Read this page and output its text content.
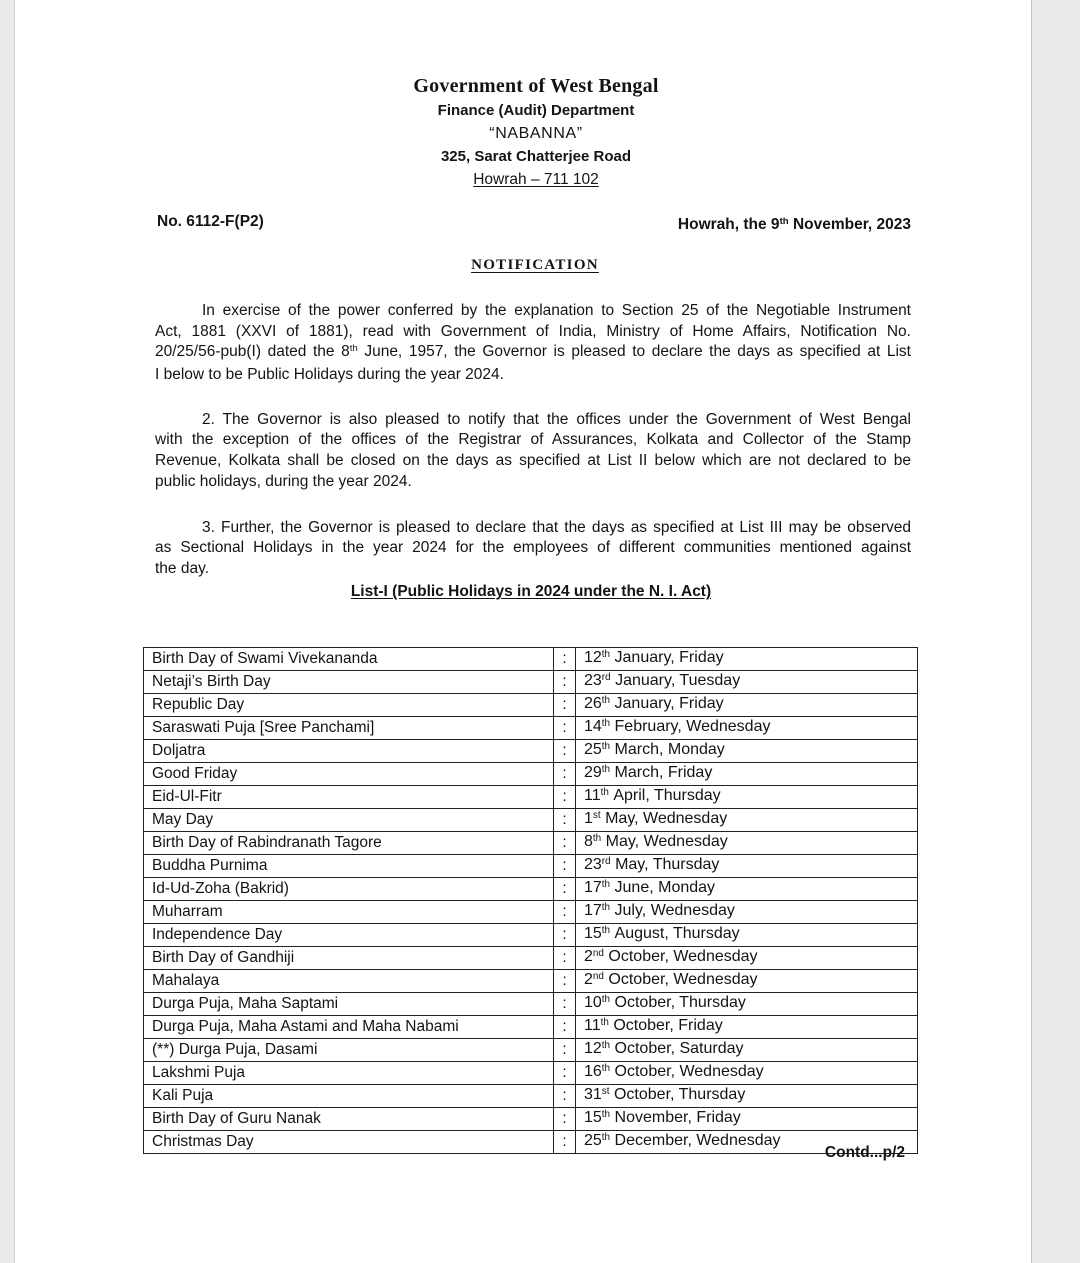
Government of West Bengal
Finance (Audit) Department
“NABANNA”
325, Sarat Chatterjee Road
Howrah – 711 102
No. 6112-F(P2)	Howrah, the 9th November, 2023
NOTIFICATION
In exercise of the power conferred by the explanation to Section 25 of the Negotiable Instrument
Act, 1881 (XXVI of 1881), read with Government of India, Ministry of Home Affairs, Notification No.
20/25/56-pub(I) dated the 8th June, 1957, the Governor is pleased to declare the days as specified at List
I below to be Public Holidays during the year 2024.
2. The Governor is also pleased to notify that the offices under the Government of West Bengal
with the exception of the offices of the Registrar of Assurances, Kolkata and Collector of the Stamp
Revenue, Kolkata shall be closed on the days as specified at List II below which are not declared to be
public holidays, during the year 2024.
3. Further, the Governor is pleased to declare that the days as specified at List III may be observed
as Sectional Holidays in the year 2024 for the employees of different communities mentioned against
the day.
List-I (Public Holidays in 2024 under the N. I. Act)
Birth Day of Swami Vivekananda	:	12th January, Friday
Netaji’s Birth Day	:	23rd January, Tuesday
Republic Day	:	26th January, Friday
Saraswati Puja [Sree Panchami]	:	14th February, Wednesday
Doljatra	:	25th March, Monday
Good Friday	:	29th March, Friday
Eid-Ul-Fitr	:	11th April, Thursday
May Day	:	1st May, Wednesday
Birth Day of Rabindranath Tagore	:	8th May, Wednesday
Buddha Purnima	:	23rd May, Thursday
Id-Ud-Zoha (Bakrid)	:	17th June, Monday
Muharram	:	17th July, Wednesday
Independence Day	:	15th August, Thursday
Birth Day of Gandhiji	:	2nd October, Wednesday
Mahalaya	:	2nd October, Wednesday
Durga Puja, Maha Saptami	:	10th October, Thursday
Durga Puja, Maha Astami and Maha Nabami	:	11th October, Friday
(**) Durga Puja, Dasami	:	12th October, Saturday
Lakshmi Puja	:	16th October, Wednesday
Kali Puja	:	31st October, Thursday
Birth Day of Guru Nanak	:	15th November, Friday
Christmas Day	:	25th December, Wednesday
Contd...p/2
